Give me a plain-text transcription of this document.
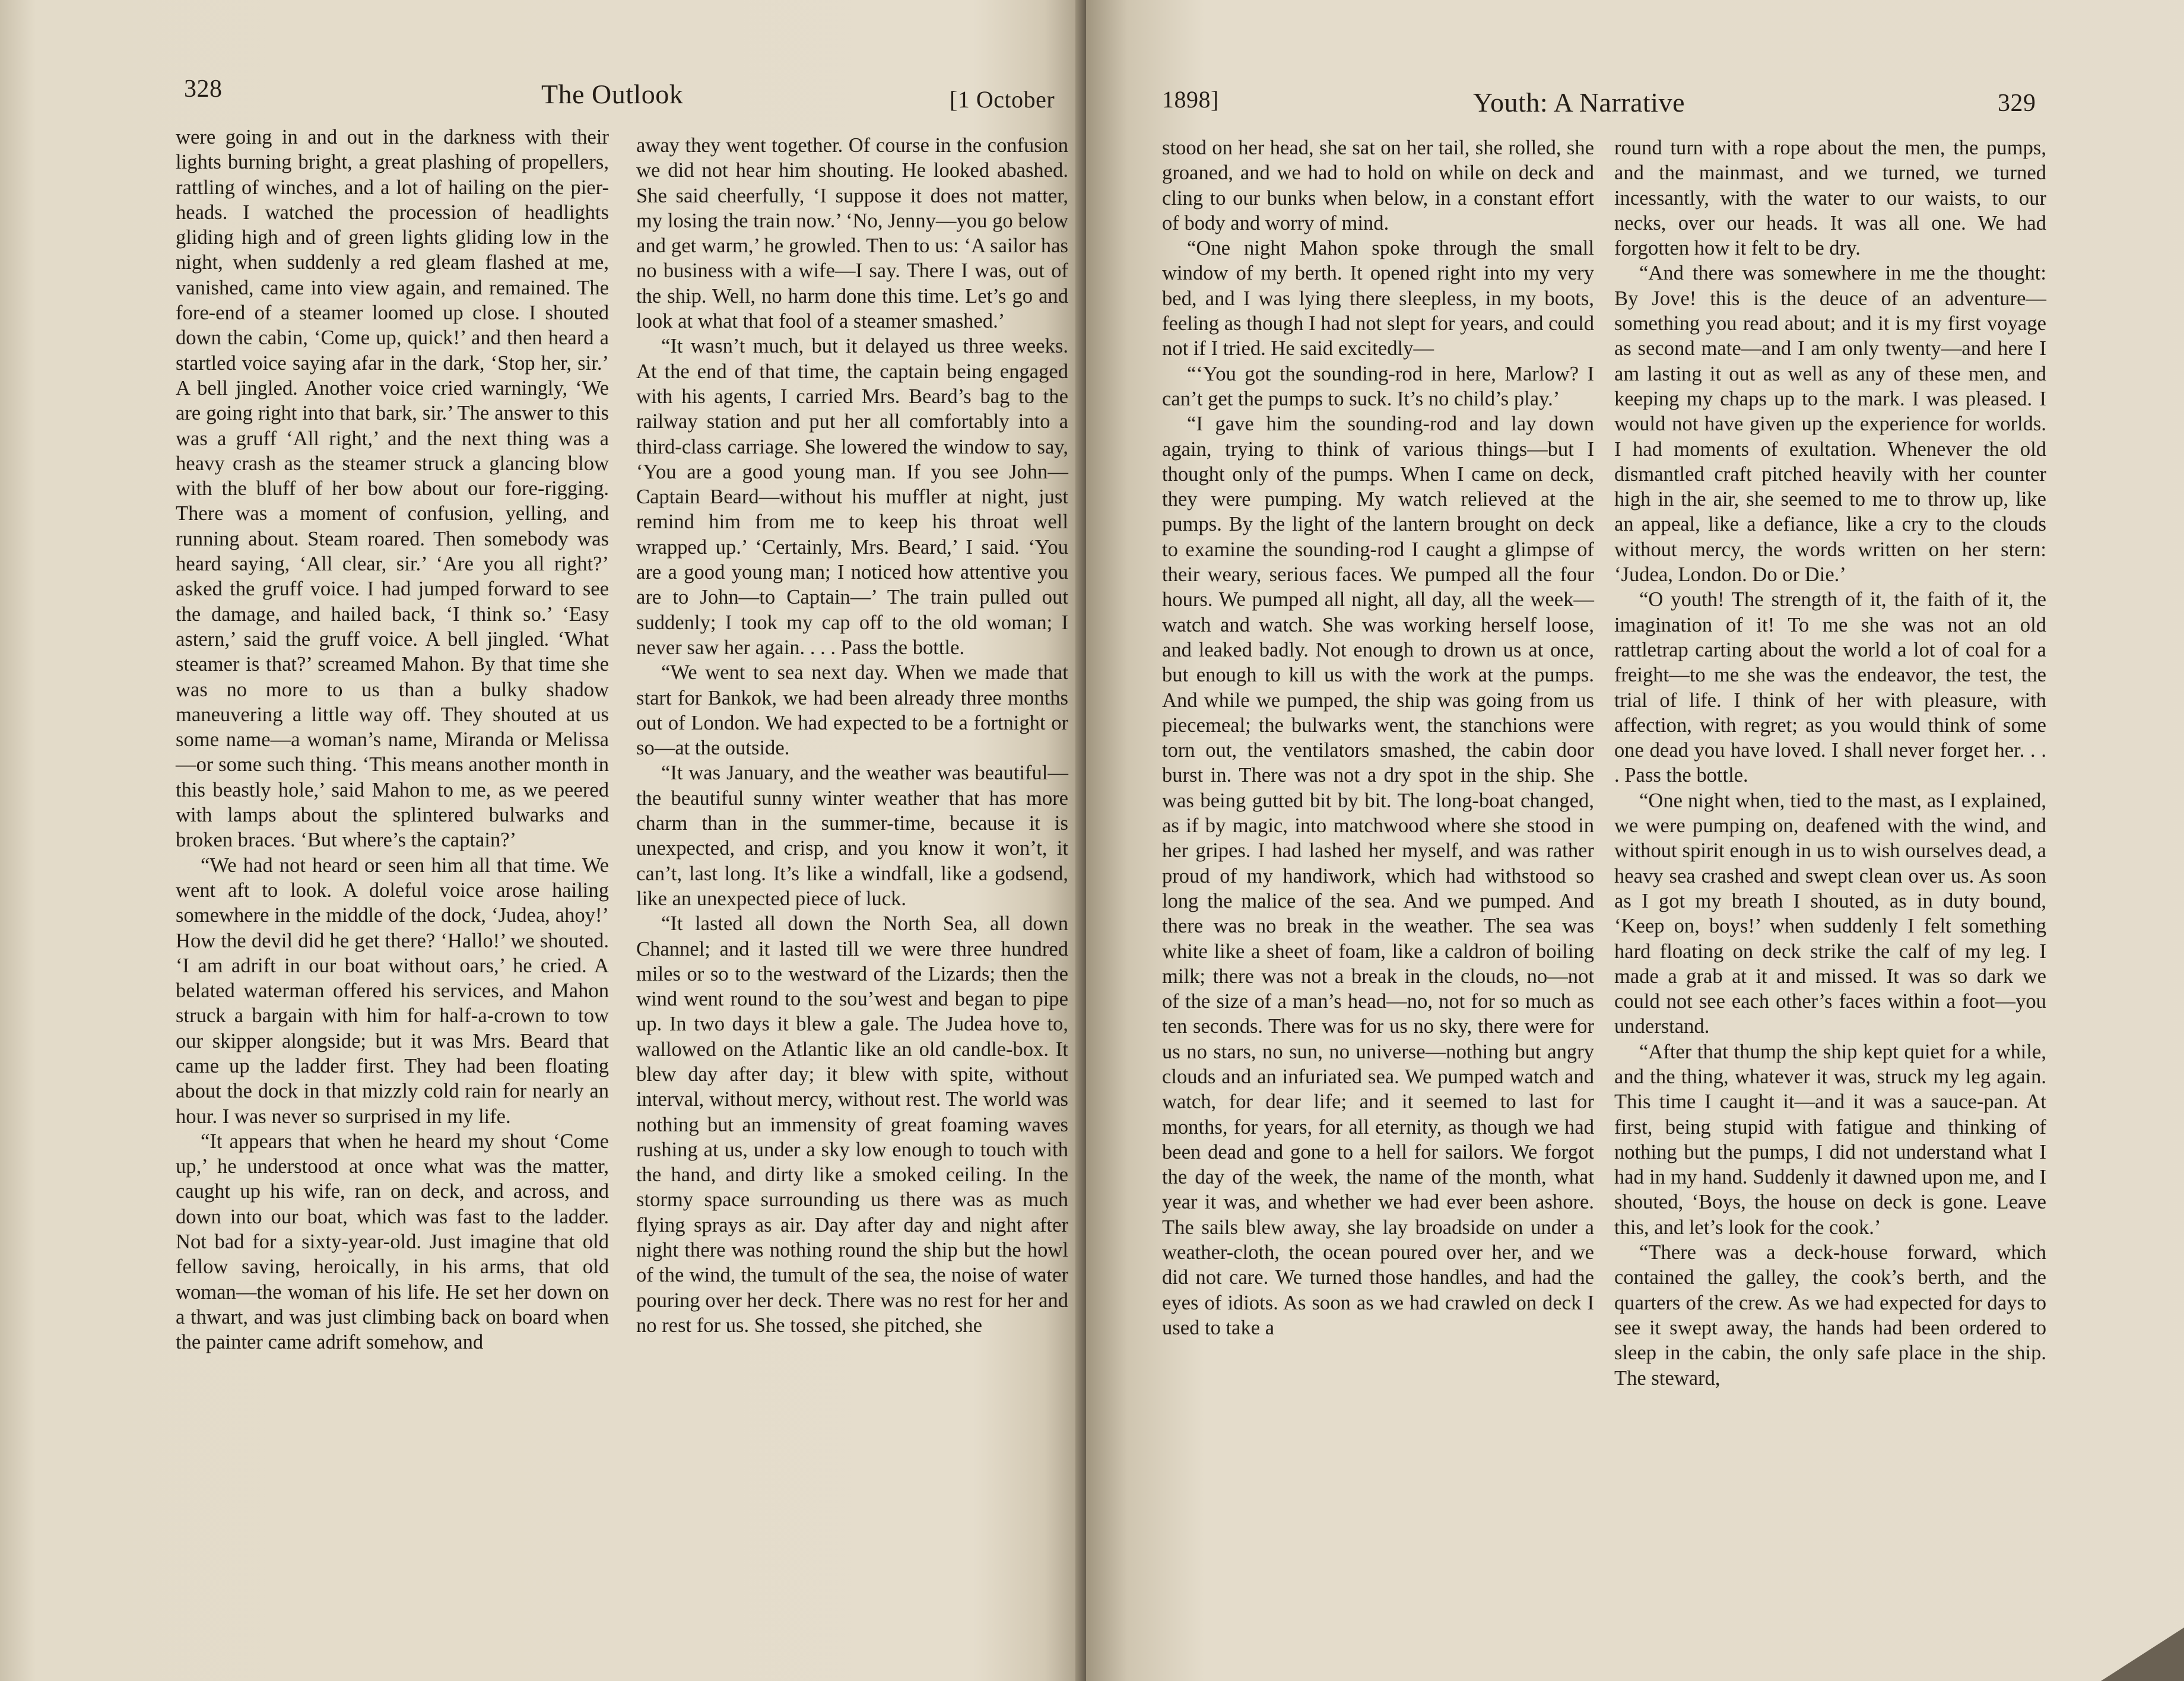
328	The Outlook	[1 October

were going in and out in the darkness with their lights burning bright, a great plashing of propellers, rattling of winches, and a lot of hailing on the pier-heads. I watched the procession of headlights gliding high and of green lights gliding low in the night, when suddenly a red gleam flashed at me, vanished, came into view again, and remained. The fore-end of a steamer loomed up close. I shouted down the cabin, ‘Come up, quick!’ and then heard a startled voice saying afar in the dark, ‘Stop her, sir.’ A bell jingled. Another voice cried warningly, ‘We are going right into that bark, sir.’ The answer to this was a gruff ‘All right,’ and the next thing was a heavy crash as the steamer struck a glancing blow with the bluff of her bow about our fore-rigging. There was a moment of confusion, yelling, and running about. Steam roared. Then somebody was heard saying, ‘All clear, sir.’ ‘Are you all right?’ asked the gruff voice. I had jumped forward to see the damage, and hailed back, ‘I think so.’ ‘Easy astern,’ said the gruff voice. A bell jingled. ‘What steamer is that?’ screamed Mahon. By that time she was no more to us than a bulky shadow maneuvering a little way off. They shouted at us some name—a woman’s name, Miranda or Melissa—or some such thing. ‘This means another month in this beastly hole,’ said Mahon to me, as we peered with lamps about the splintered bulwarks and broken braces. ‘But where’s the captain?’

“We had not heard or seen him all that time. We went aft to look. A doleful voice arose hailing somewhere in the middle of the dock, ‘Judea, ahoy!’ How the devil did he get there? ‘Hallo!’ we shouted. ‘I am adrift in our boat without oars,’ he cried. A belated waterman offered his services, and Mahon struck a bargain with him for half-a-crown to tow our skipper alongside; but it was Mrs. Beard that came up the ladder first. They had been floating about the dock in that mizzly cold rain for nearly an hour. I was never so surprised in my life.

“It appears that when he heard my shout ‘Come up,’ he understood at once what was the matter, caught up his wife, ran on deck, and across, and down into our boat, which was fast to the ladder. Not bad for a sixty-year-old. Just imagine that old fellow saving, heroically, in his arms, that old woman—the woman of his life. He set her down on a thwart, and was just climbing back on board when the painter came adrift somehow, and

away they went together. Of course in the confusion we did not hear him shouting. He looked abashed. She said cheerfully, ‘I suppose it does not matter, my losing the train now.’ ‘No, Jenny—you go below and get warm,’ he growled. Then to us: ‘A sailor has no business with a wife—I say. There I was, out of the ship. Well, no harm done this time. Let’s go and look at what that fool of a steamer smashed.’

“It wasn’t much, but it delayed us three weeks. At the end of that time, the captain being engaged with his agents, I carried Mrs. Beard’s bag to the railway station and put her all comfortably into a third-class carriage. She lowered the window to say, ‘You are a good young man. If you see John—Captain Beard—without his muffler at night, just remind him from me to keep his throat well wrapped up.’ ‘Certainly, Mrs. Beard,’ I said. ‘You are a good young man; I noticed how attentive you are to John—to Captain—’ The train pulled out suddenly; I took my cap off to the old woman; I never saw her again. . . . Pass the bottle.

“We went to sea next day. When we made that start for Bankok, we had been already three months out of London. We had expected to be a fortnight or so—at the outside.

“It was January, and the weather was beautiful—the beautiful sunny winter weather that has more charm than in the summer-time, because it is unexpected, and crisp, and you know it won’t, it can’t, last long. It’s like a windfall, like a godsend, like an unexpected piece of luck.

“It lasted all down the North Sea, all down Channel; and it lasted till we were three hundred miles or so to the westward of the Lizards; then the wind went round to the sou’west and began to pipe up. In two days it blew a gale. The Judea hove to, wallowed on the Atlantic like an old candle-box. It blew day after day; it blew with spite, without interval, without mercy, without rest. The world was nothing but an immensity of great foaming waves rushing at us, under a sky low enough to touch with the hand, and dirty like a smoked ceiling. In the stormy space surrounding us there was as much flying sprays as air. Day after day and night after night there was nothing round the ship but the howl of the wind, the tumult of the sea, the noise of water pouring over her deck. There was no rest for her and no rest for us. She tossed, she pitched, she

1898]	Youth: A Narrative	329

stood on her head, she sat on her tail, she rolled, she groaned, and we had to hold on while on deck and cling to our bunks when below, in a constant effort of body and worry of mind.

“One night Mahon spoke through the small window of my berth. It opened right into my very bed, and I was lying there sleepless, in my boots, feeling as though I had not slept for years, and could not if I tried. He said excitedly—

“‘You got the sounding-rod in here, Marlow? I can’t get the pumps to suck. It’s no child’s play.’

“I gave him the sounding-rod and lay down again, trying to think of various things—but I thought only of the pumps. When I came on deck, they were pumping. My watch relieved at the pumps. By the light of the lantern brought on deck to examine the sounding-rod I caught a glimpse of their weary, serious faces. We pumped all the four hours. We pumped all night, all day, all the week—watch and watch. She was working herself loose, and leaked badly. Not enough to drown us at once, but enough to kill us with the work at the pumps. And while we pumped, the ship was going from us piecemeal; the bulwarks went, the stanchions were torn out, the ventilators smashed, the cabin door burst in. There was not a dry spot in the ship. She was being gutted bit by bit. The long-boat changed, as if by magic, into matchwood where she stood in her gripes. I had lashed her myself, and was rather proud of my handiwork, which had withstood so long the malice of the sea. And we pumped. And there was no break in the weather. The sea was white like a sheet of foam, like a caldron of boiling milk; there was not a break in the clouds, no—not of the size of a man’s head—no, not for so much as ten seconds. There was for us no sky, there were for us no stars, no sun, no universe—nothing but angry clouds and an infuriated sea. We pumped watch and watch, for dear life; and it seemed to last for months, for years, for all eternity, as though we had been dead and gone to a hell for sailors. We forgot the day of the week, the name of the month, what year it was, and whether we had ever been ashore. The sails blew away, she lay broadside on under a weather-cloth, the ocean poured over her, and we did not care. We turned those handles, and had the eyes of idiots. As soon as we had crawled on deck I used to take a

round turn with a rope about the men, the pumps, and the mainmast, and we turned, we turned incessantly, with the water to our waists, to our necks, over our heads. It was all one. We had forgotten how it felt to be dry.

“And there was somewhere in me the thought: By Jove! this is the deuce of an adventure—something you read about; and it is my first voyage as second mate—and I am only twenty—and here I am lasting it out as well as any of these men, and keeping my chaps up to the mark. I was pleased. I would not have given up the experience for worlds. I had moments of exultation. Whenever the old dismantled craft pitched heavily with her counter high in the air, she seemed to me to throw up, like an appeal, like a defiance, like a cry to the clouds without mercy, the words written on her stern: ‘Judea, London. Do or Die.’

“O youth! The strength of it, the faith of it, the imagination of it! To me she was not an old rattletrap carting about the world a lot of coal for a freight—to me she was the endeavor, the test, the trial of life. I think of her with pleasure, with affection, with regret; as you would think of some one dead you have loved. I shall never forget her. . . . Pass the bottle.

“One night when, tied to the mast, as I explained, we were pumping on, deafened with the wind, and without spirit enough in us to wish ourselves dead, a heavy sea crashed and swept clean over us. As soon as I got my breath I shouted, as in duty bound, ‘Keep on, boys!’ when suddenly I felt something hard floating on deck strike the calf of my leg. I made a grab at it and missed. It was so dark we could not see each other’s faces within a foot—you understand.

“After that thump the ship kept quiet for a while, and the thing, whatever it was, struck my leg again. This time I caught it—and it was a sauce-pan. At first, being stupid with fatigue and thinking of nothing but the pumps, I did not understand what I had in my hand. Suddenly it dawned upon me, and I shouted, ‘Boys, the house on deck is gone. Leave this, and let’s look for the cook.’

“There was a deck-house forward, which contained the galley, the cook’s berth, and the quarters of the crew. As we had expected for days to see it swept away, the hands had been ordered to sleep in the cabin, the only safe place in the ship. The steward,
